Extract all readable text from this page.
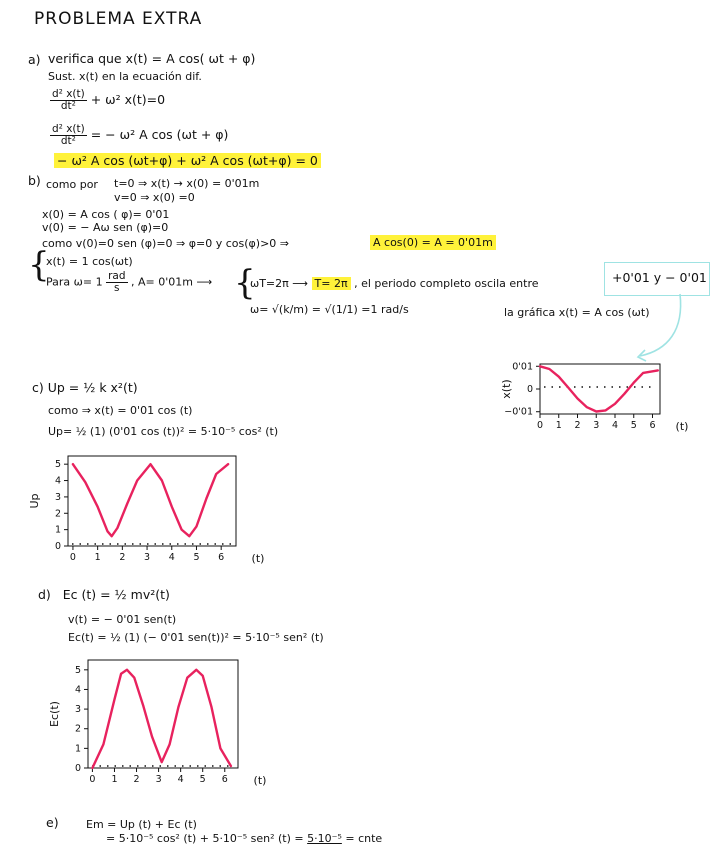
PROBLEMA EXTRA
a) verifica que x(t) = A cos( ωt + φ)
Sust. x(t) en la ecuación dif.
$\frac{\text{d² x(t)}}{\text{dt²}} + \omega^2$ x(t)=0
$\frac{\text{d² x(t)}}{\text{dt²}}$ = − ω² A cos (ωt + φ)
− ω² A cos (ωt+φ) + ω² A cos (ωt+φ) = 0
b) como por t=0 ⇒ x(t) → x(0) = 0'01m
v=0 ⇒ x(0) =0
x(0) = A cos ( φ)= 0'01
v(0) = − Aω sen (φ)=0
como v(0)=0 sen (φ)=0 ⇒ φ=0 y cos(φ)>0 ⇒	A cos(0) = A = 0'01m
{
x(t) = 1 cos(ωt)
Para $\omega= 1 \frac{\text{rad}}{s}$ , A= 0'01m ⟶ {
ωT=2π ⟶ T= 2π , el periodo completo oscila entre	+0'01 y − 0'01
ω= √(k/m) = √(1/1) =1 rad/s	la gráfica x(t) = A cos (ωt)
0 1 2 3 4 5 6
0'01
0
−0'01
x(t)
(t)
c) Up = ½ k x²(t)
como ⇒ x(t) = 0'01 cos (t)
Up= ½ (1) (0'01 cos (t))² = 5·10⁻⁵ cos² (t)
0 1 2 3 4 5 6
5
4
3
2
1
0
Up
(t)
d) Ec (t) = ½ mv²(t)
v(t) = − 0'01 sen(t)
Ec(t) = ½ (1) (− 0'01 sen(t))² = 5·10⁻⁵ sen² (t)
0 1 2 3 4 5 6
5
4
3
2
1
0
Ec(t)
(t)
e) Em = Up (t) + Ec (t)
= 5·10⁻⁵ cos² (t) + 5·10⁻⁵ sen² (t) = 5·10⁻⁵ = cnte
